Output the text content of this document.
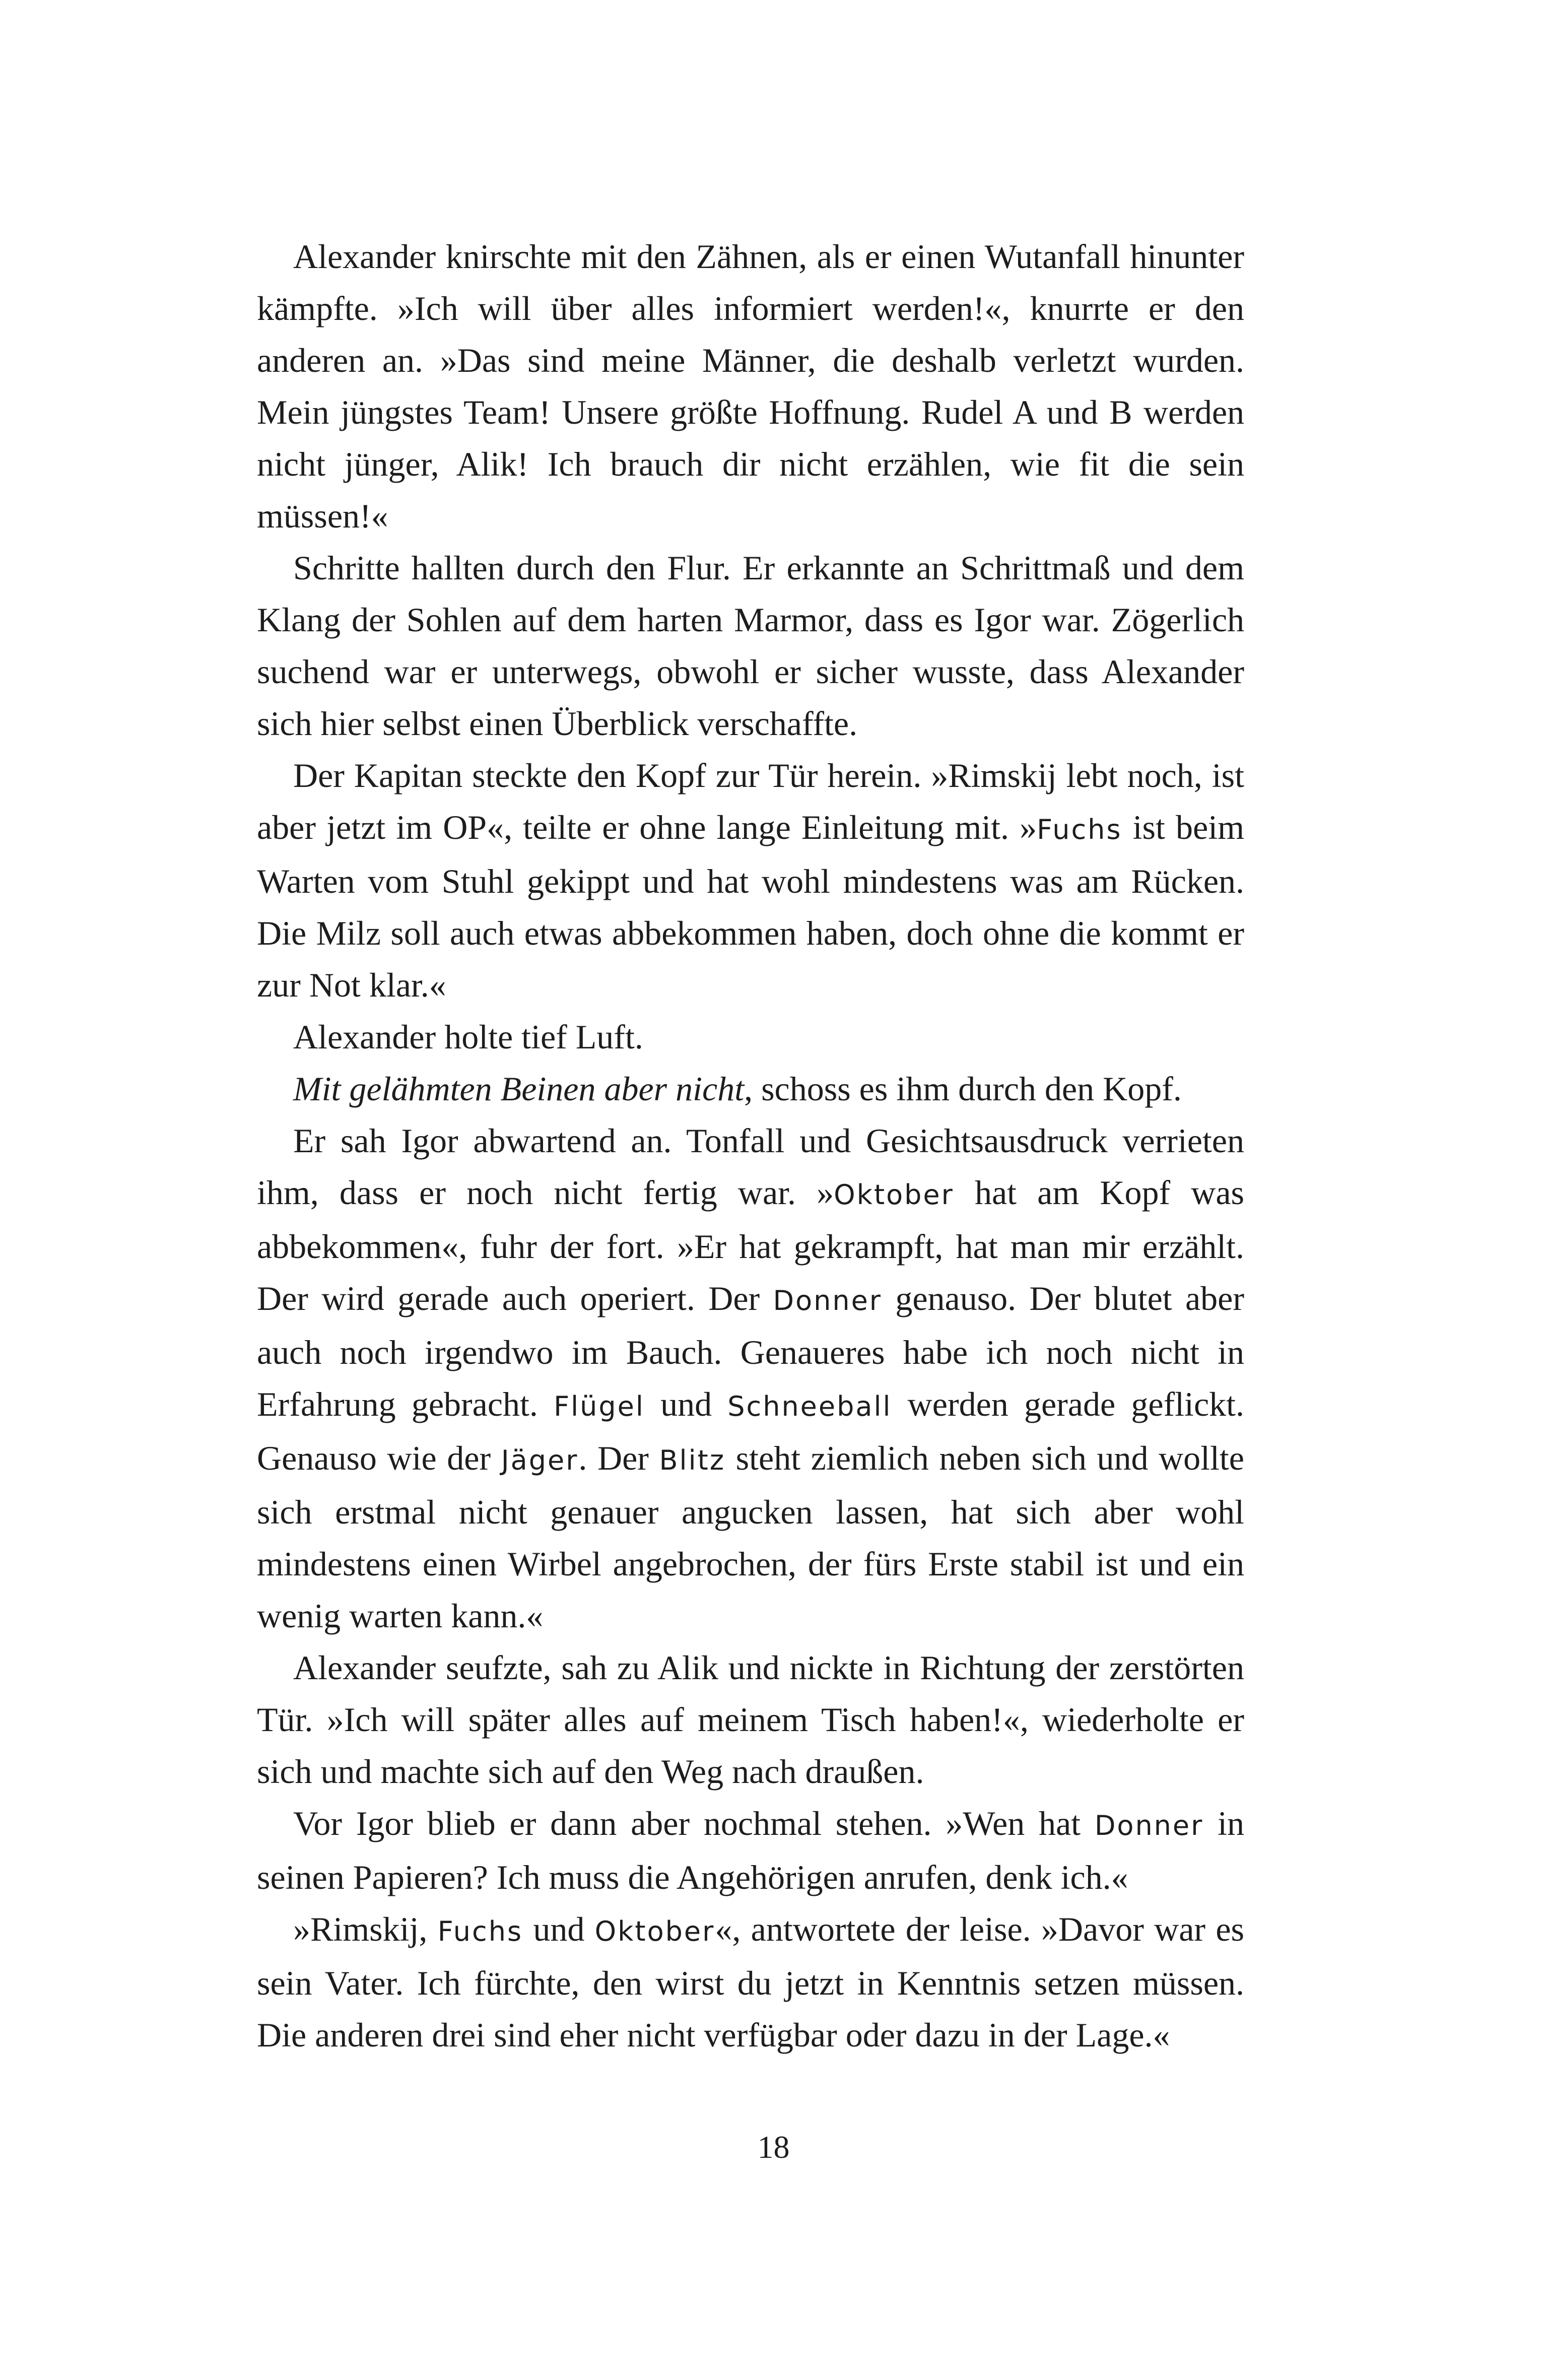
Alexander knirschte mit den Zähnen, als er einen Wutanfall hinunter kämpfte. »Ich will über alles informiert werden!«, knurrte er den anderen an. »Das sind meine Männer, die deshalb verletzt wurden. Mein jüngstes Team! Unsere größte Hoffnung. Rudel A und B werden nicht jünger, Alik! Ich brauch dir nicht erzählen, wie fit die sein müssen!«

Schritte hallten durch den Flur. Er erkannte an Schrittmaß und dem Klang der Sohlen auf dem harten Marmor, dass es Igor war. Zögerlich suchend war er unterwegs, obwohl er sicher wusste, dass Alexander sich hier selbst einen Überblick verschaffte.

Der Kapitan steckte den Kopf zur Tür herein. »Rimskij lebt noch, ist aber jetzt im OP«, teilte er ohne lange Einleitung mit. »Fuchs ist beim Warten vom Stuhl gekippt und hat wohl mindestens was am Rücken. Die Milz soll auch etwas abbekommen haben, doch ohne die kommt er zur Not klar.«

Alexander holte tief Luft.

Mit gelähmten Beinen aber nicht, schoss es ihm durch den Kopf.

Er sah Igor abwartend an. Tonfall und Gesichtsausdruck verrieten ihm, dass er noch nicht fertig war. »Oktober hat am Kopf was abbekommen«, fuhr der fort. »Er hat gekrampft, hat man mir erzählt. Der wird gerade auch operiert. Der Donner genauso. Der blutet aber auch noch irgendwo im Bauch. Genaueres habe ich noch nicht in Erfahrung gebracht. Flügel und Schneeball werden gerade geflickt. Genauso wie der Jäger. Der Blitz steht ziemlich neben sich und wollte sich erstmal nicht genauer angucken lassen, hat sich aber wohl mindestens einen Wirbel angebrochen, der fürs Erste stabil ist und ein wenig warten kann.«

Alexander seufzte, sah zu Alik und nickte in Richtung der zerstörten Tür. »Ich will später alles auf meinem Tisch haben!«, wiederholte er sich und machte sich auf den Weg nach draußen.

Vor Igor blieb er dann aber nochmal stehen. »Wen hat Donner in seinen Papieren? Ich muss die Angehörigen anrufen, denk ich.«

»Rimskij, Fuchs und Oktober«, antwortete der leise. »Davor war es sein Vater. Ich fürchte, den wirst du jetzt in Kenntnis setzen müssen. Die anderen drei sind eher nicht verfügbar oder dazu in der Lage.«

18
